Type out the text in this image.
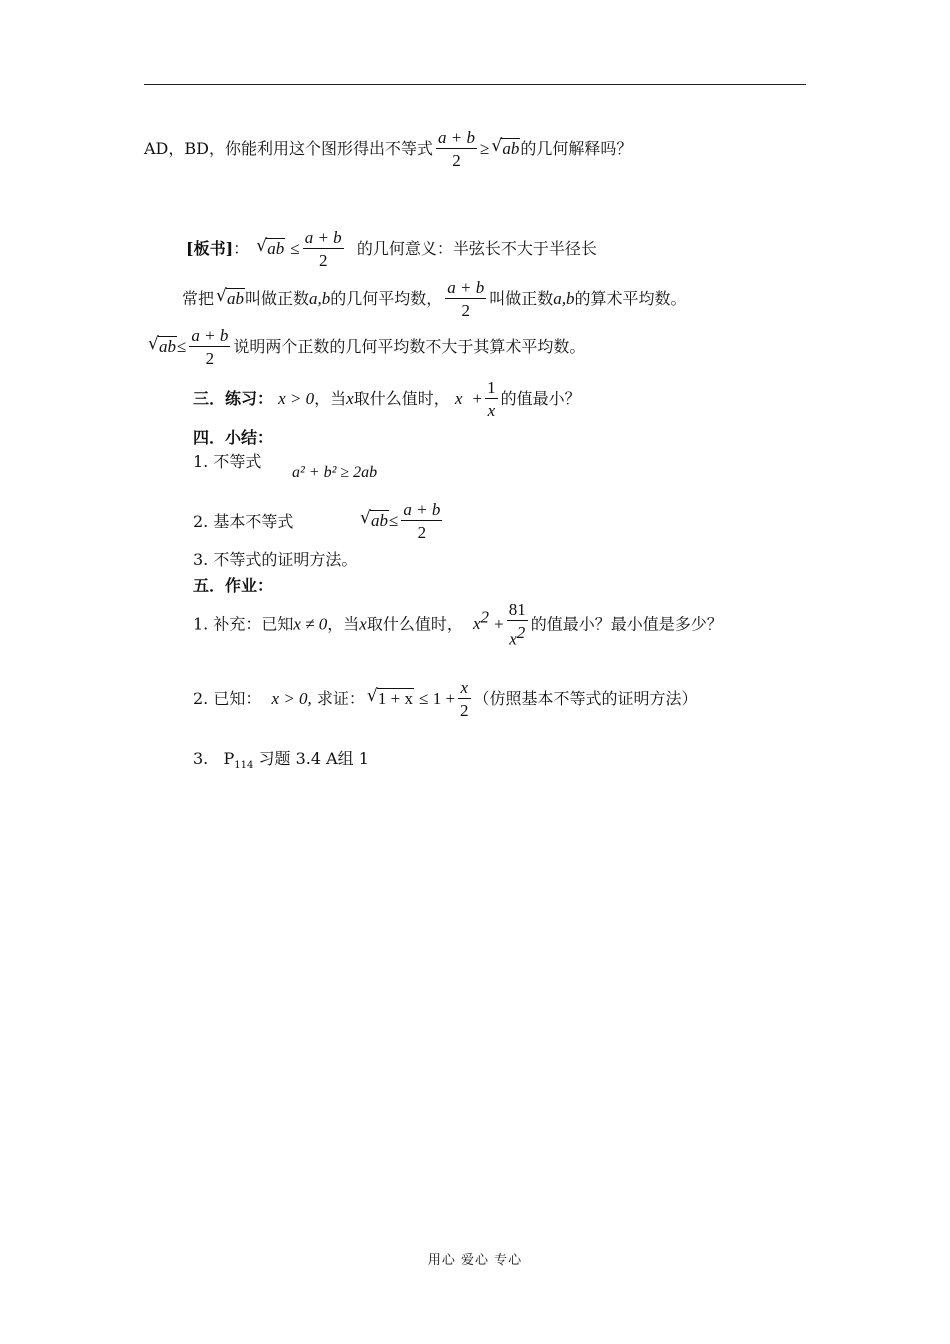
AD，BD，你能利用这个图形得出不等式 $\frac{a + b}{2}$ ≥ √ ab的几何解释吗？
[板书]： √ ab ≤ $\frac{a + b}{2}$ 的几何意义：半弦长不大于半径长
常把 √ ab叫做正数a,b的几何平均数， $\frac{a + b}{2}$ 叫做正数a,b的算术平均数。
√ $ab\le \frac{a + b}{2}$ 说明两个正数的几何平均数不大于其算术平均数。
三．练习： x > 0，当x取什么值时， $x + \frac{1}{x}$ 的值最小？
四．小结：
1. 不等式
a² + b² ≥ 2ab
2. 基本不等式	√ $ab\le \frac{a + b}{2}$
3. 不等式的证明方法。
五．作业：
1. 补充：已知x ≠ 0，当x取什么值时， $x^2 + \frac{81}{x^2}$ 的值最小？最小值是多少？
2. 已知： x > 0, 求证： √ $1 + x \le 1 + \frac{x}{2}$ （仿照基本不等式的证明方法）
3. $P_{114}$ 习题 3.4 A组 1
用心 爱心 专心
